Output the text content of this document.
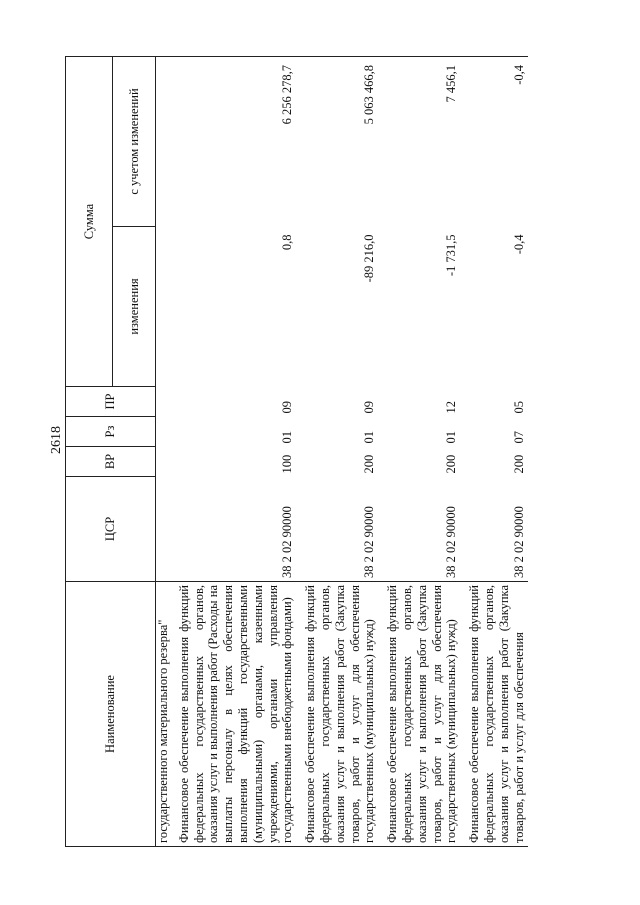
2618
Наименование	ЦСР	ВР	Рз	ПР	Сумма	
					изменения	с учетом изменений
государственного материального резерва"						
Финансовое обеспечение выполнения функций федеральных государственных органов, оказания услуг и выполнения работ (Расходы на выплаты персоналу в целях обеспечения выполнения функций государственными (муниципальными) органами, казенными учреждениями, органами управления государственными внебюджетными фондами)	38 2 02 90000	100	01	09	0,8	6 256 278,7
Финансовое обеспечение выполнения функций федеральных государственных органов, оказания услуг и выполнения работ (Закупка товаров, работ и услуг для обеспечения государственных (муниципальных) нужд)	38 2 02 90000	200	01	09	-89 216,0	5 063 466,8
Финансовое обеспечение выполнения функций федеральных государственных органов, оказания услуг и выполнения работ (Закупка товаров, работ и услуг для обеспечения государственных (муниципальных) нужд)	38 2 02 90000	200	01	12	-1 731,5	7 456,1
Финансовое обеспечение выполнения функций федеральных государственных органов, оказания услуг и выполнения работ (Закупка товаров, работ и услуг для обеспечения	38 2 02 90000	200	07	05	-0,4	-0,4
